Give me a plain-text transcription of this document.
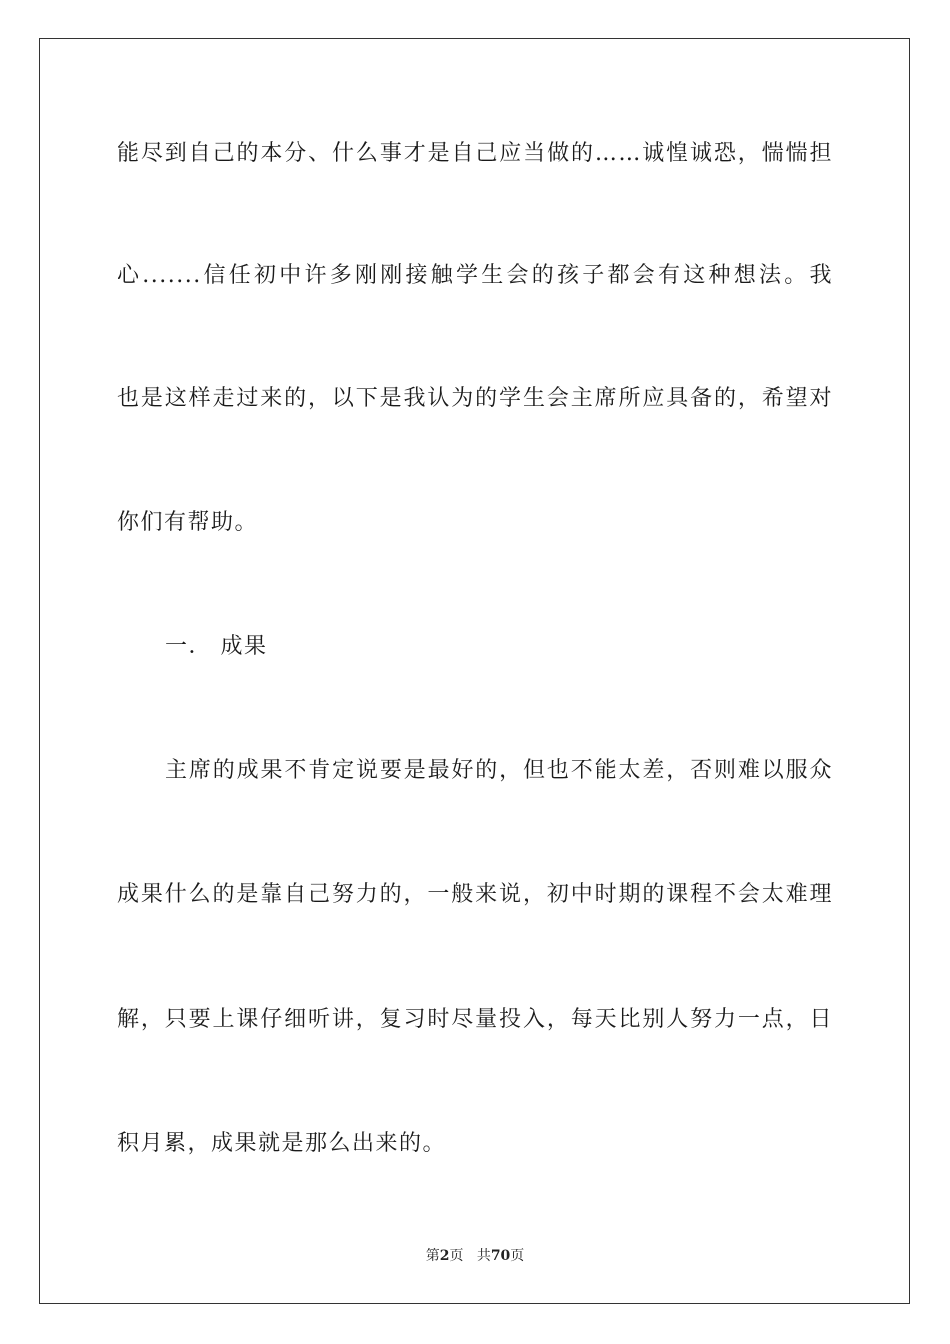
能尽到自己的本分、什么事才是自己应当做的……诚惶诚恐，惴惴担
心.......信任初中许多刚刚接触学生会的孩子都会有这种想法。我
也是这样走过来的，以下是我认为的学生会主席所应具备的，希望对
你们有帮助。
一． 成果
主席的成果不肯定说要是最好的，但也不能太差，否则难以服众
成果什么的是靠自己努力的，一般来说，初中时期的课程不会太难理
解，只要上课仔细听讲，复习时尽量投入，每天比别人努力一点，日
积月累，成果就是那么出来的。
第2页 共70页
